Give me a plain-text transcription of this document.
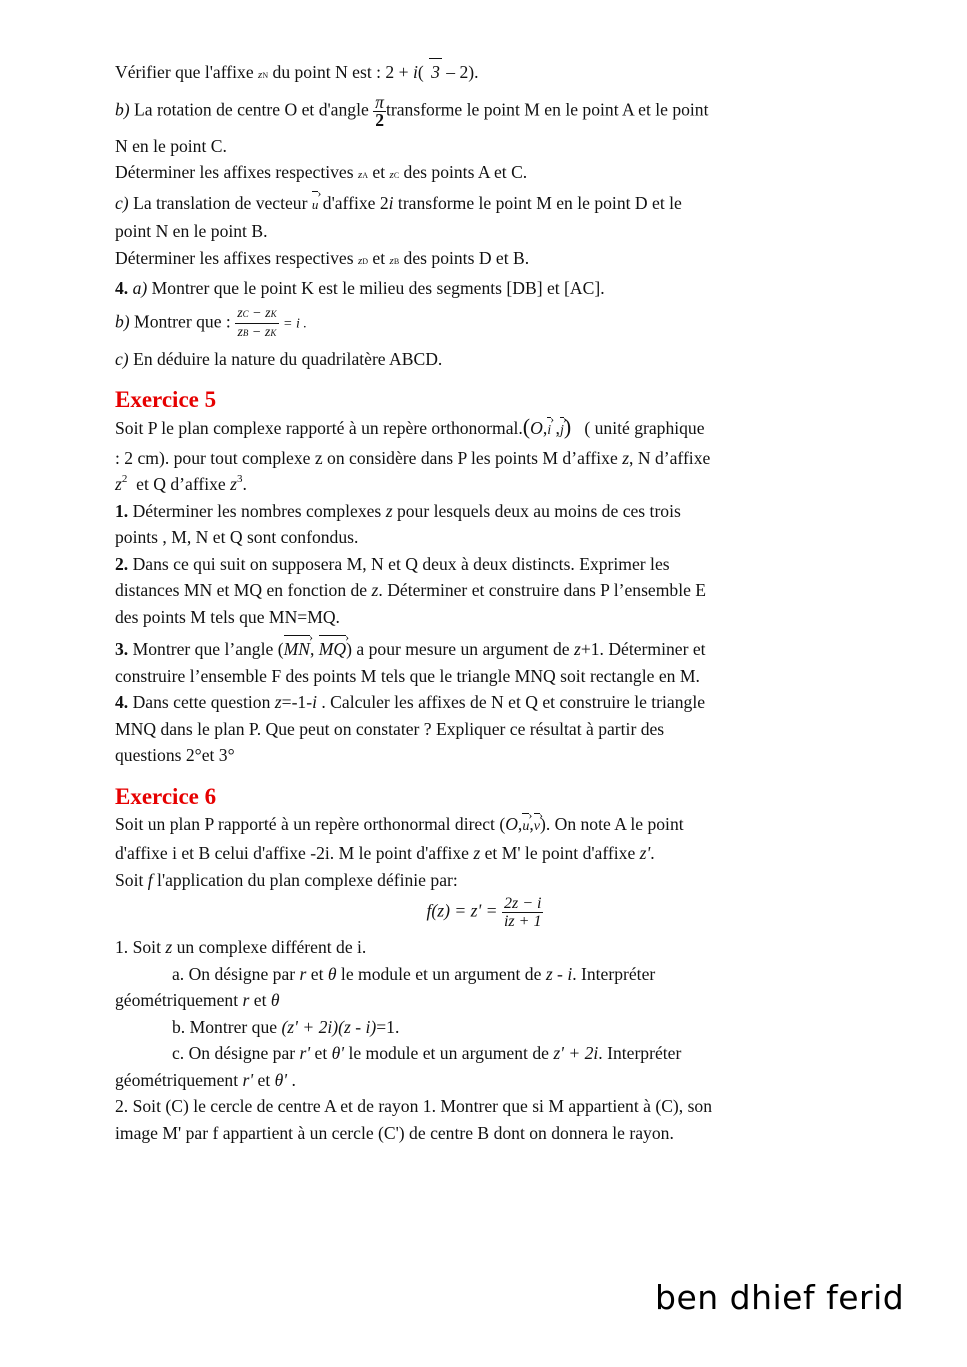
Vérifier que l'affixe zN du point N est : 2 + i( 3 – 2).
b) La rotation de centre O et d'angle $\frac{\pi}{2}$ transforme le point M en le point A et le point
N en le point C.
Déterminer les affixes respectives zA et zC des points A et C.
c) La translation de vecteur u › d'affixe 2i transforme le point M en le point D et le
point N en le point B.
Déterminer les affixes respectives zD et zB des points D et B.
4. a) Montrer que le point K est le milieu des segments [DB] et [AC].
b) Montrer que : $\frac{zC - zK}{zB - zK} = i$ .
c) En déduire la nature du quadrilatère ABCD.
Exercice 5
Soit P le plan complexe rapporté à un repère orthonormal.(O,i › ,j ›) ( unité graphique
: 2 cm). pour tout complexe z on considère dans P les points M d’affixe z, N d’affixe
$z^2$ et Q d’affixe $z^3$.
1. Déterminer les nombres complexes z pour lesquels deux au moins de ces trois
points , M, N et Q sont confondus.
2. Dans ce qui suit on supposera M, N et Q deux à deux distincts. Exprimer les
distances MN et MQ en fonction de z. Déterminer et construire dans P l’ensemble E
des points M tels que MN=MQ.
3. Montrer que l’angle (MN ›, MQ ›) a pour mesure un argument de z+1. Déterminer et
construire l’ensemble F des points M tels que le triangle MNQ soit rectangle en M.
4. Dans cette question z=-1-i . Calculer les affixes de N et Q et construire le triangle
MNQ dans le plan P. Que peut on constater ? Expliquer ce résultat à partir des
questions 2°et 3°
Exercice 6
Soit un plan P rapporté à un repère orthonormal direct (O,u ›,v ›). On note A le point
d'affixe i et B celui d'affixe -2i. M le point d'affixe z et M' le point d'affixe z'.
Soit f l'application du plan complexe définie par:
$f(z) = z' = \frac{2z - i}{iz + 1}$
1. Soit z un complexe différent de i.
a. On désigne par r et θ le module et un argument de z - i. Interpréter
géométriquement r et θ
b. Montrer que (z' + 2i)(z - i)=1.
c. On désigne par r' et θ' le module et un argument de z' + 2i. Interpréter
géométriquement r' et θ' .
2. Soit (C) le cercle de centre A et de rayon 1. Montrer que si M appartient à (C), son
image M' par f appartient à un cercle (C') de centre B dont on donnera le rayon.
ben dhief ferid
